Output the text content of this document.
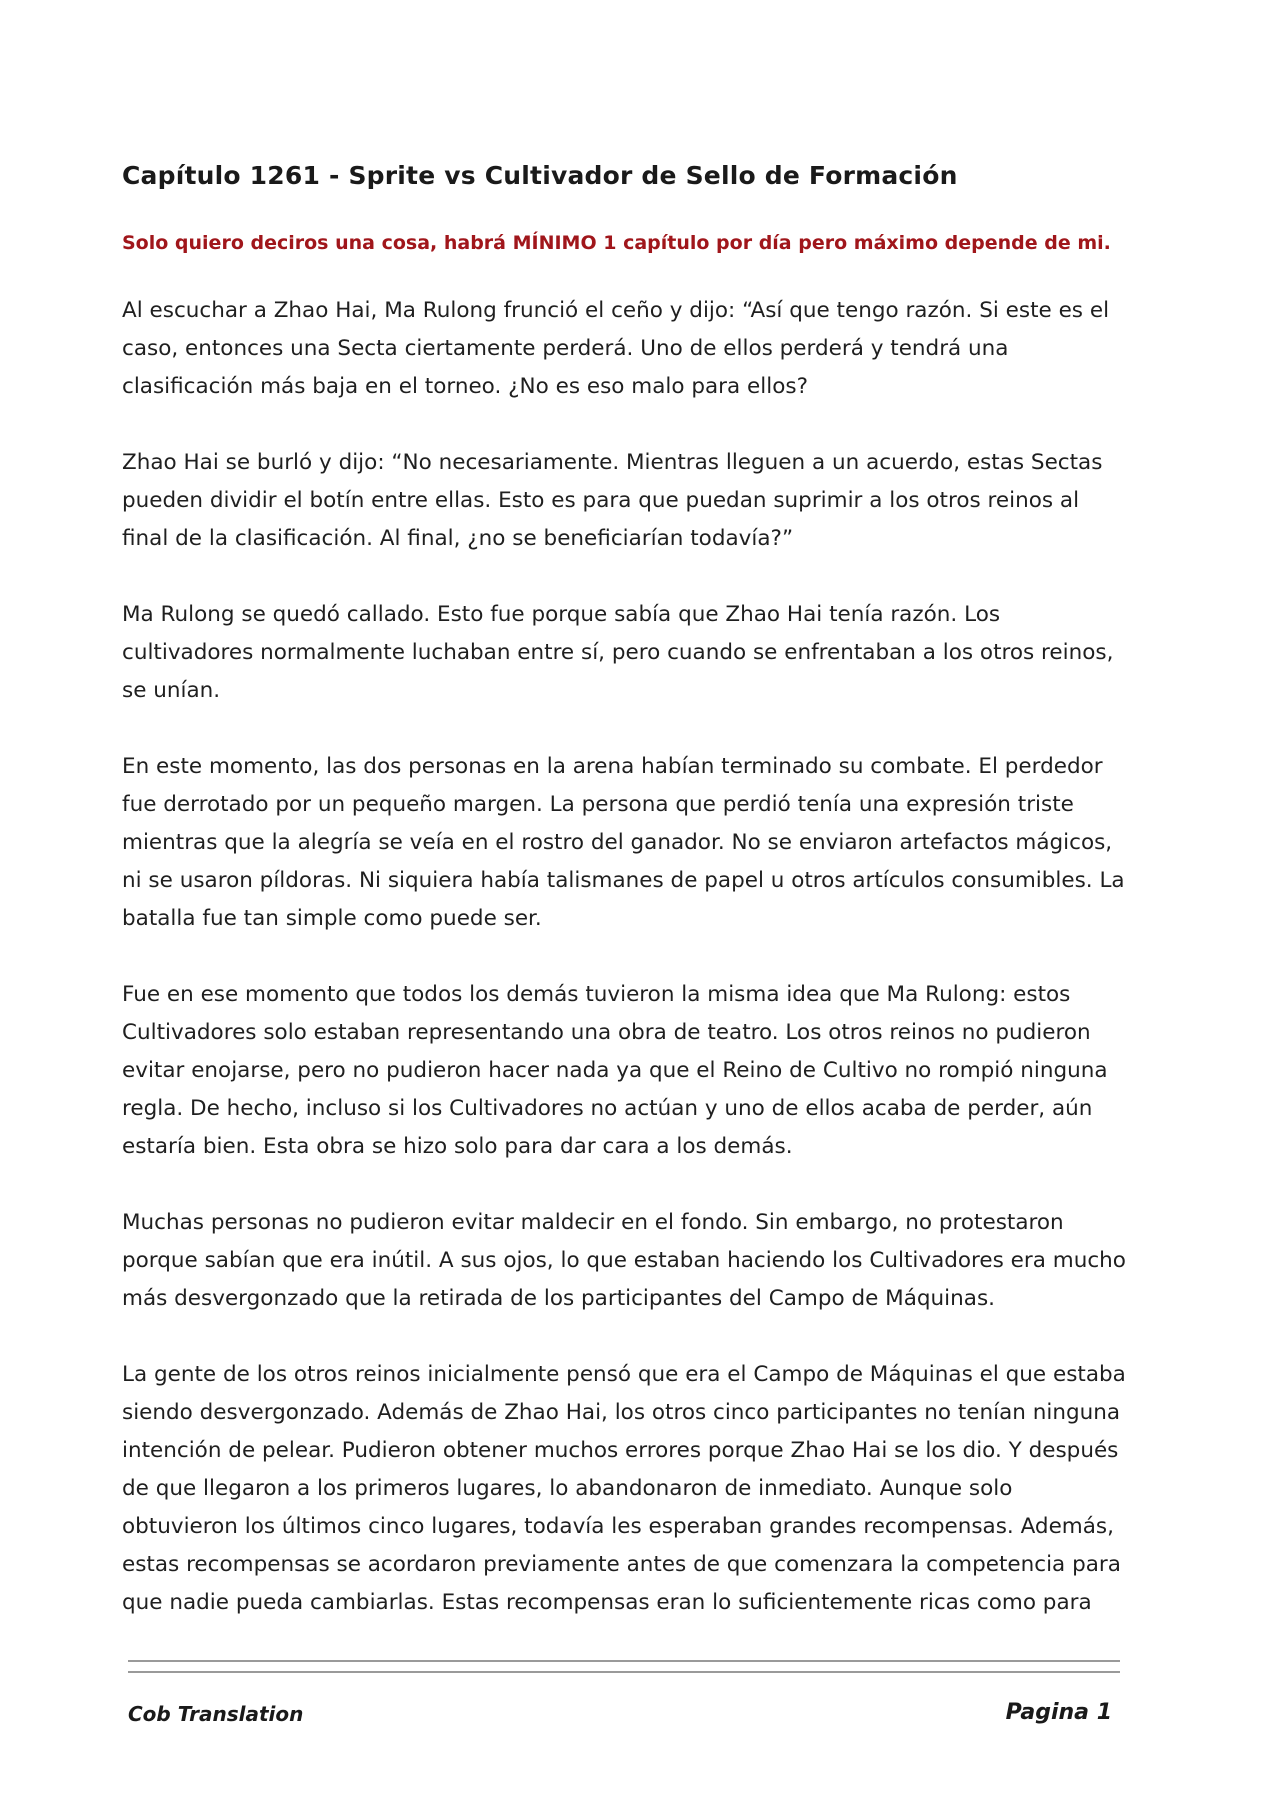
Capítulo 1261 - Sprite vs Cultivador de Sello de Formación

Solo quiero deciros una cosa, habrá MÍNIMO 1 capítulo por día pero máximo depende de mi.

Al escuchar a Zhao Hai, Ma Rulong frunció el ceño y dijo: “Así que tengo razón. Si este es el caso, entonces una Secta ciertamente perderá. Uno de ellos perderá y tendrá una clasificación más baja en el torneo. ¿No es eso malo para ellos?

Zhao Hai se burló y dijo: “No necesariamente. Mientras lleguen a un acuerdo, estas Sectas pueden dividir el botín entre ellas. Esto es para que puedan suprimir a los otros reinos al final de la clasificación. Al final, ¿no se beneficiarían todavía?”

Ma Rulong se quedó callado. Esto fue porque sabía que Zhao Hai tenía razón. Los cultivadores normalmente luchaban entre sí, pero cuando se enfrentaban a los otros reinos, se unían.

En este momento, las dos personas en la arena habían terminado su combate. El perdedor fue derrotado por un pequeño margen. La persona que perdió tenía una expresión triste mientras que la alegría se veía en el rostro del ganador. No se enviaron artefactos mágicos, ni se usaron píldoras. Ni siquiera había talismanes de papel u otros artículos consumibles. La batalla fue tan simple como puede ser.

Fue en ese momento que todos los demás tuvieron la misma idea que Ma Rulong: estos Cultivadores solo estaban representando una obra de teatro. Los otros reinos no pudieron evitar enojarse, pero no pudieron hacer nada ya que el Reino de Cultivo no rompió ninguna regla. De hecho, incluso si los Cultivadores no actúan y uno de ellos acaba de perder, aún estaría bien. Esta obra se hizo solo para dar cara a los demás.

Muchas personas no pudieron evitar maldecir en el fondo. Sin embargo, no protestaron porque sabían que era inútil. A sus ojos, lo que estaban haciendo los Cultivadores era mucho más desvergonzado que la retirada de los participantes del Campo de Máquinas.

La gente de los otros reinos inicialmente pensó que era el Campo de Máquinas el que estaba siendo desvergonzado. Además de Zhao Hai, los otros cinco participantes no tenían ninguna intención de pelear. Pudieron obtener muchos errores porque Zhao Hai se los dio. Y después de que llegaron a los primeros lugares, lo abandonaron de inmediato. Aunque solo obtuvieron los últimos cinco lugares, todavía les esperaban grandes recompensas. Además, estas recompensas se acordaron previamente antes de que comenzara la competencia para que nadie pueda cambiarlas. Estas recompensas eran lo suficientemente ricas como para

Cob Translation	Pagina 1
